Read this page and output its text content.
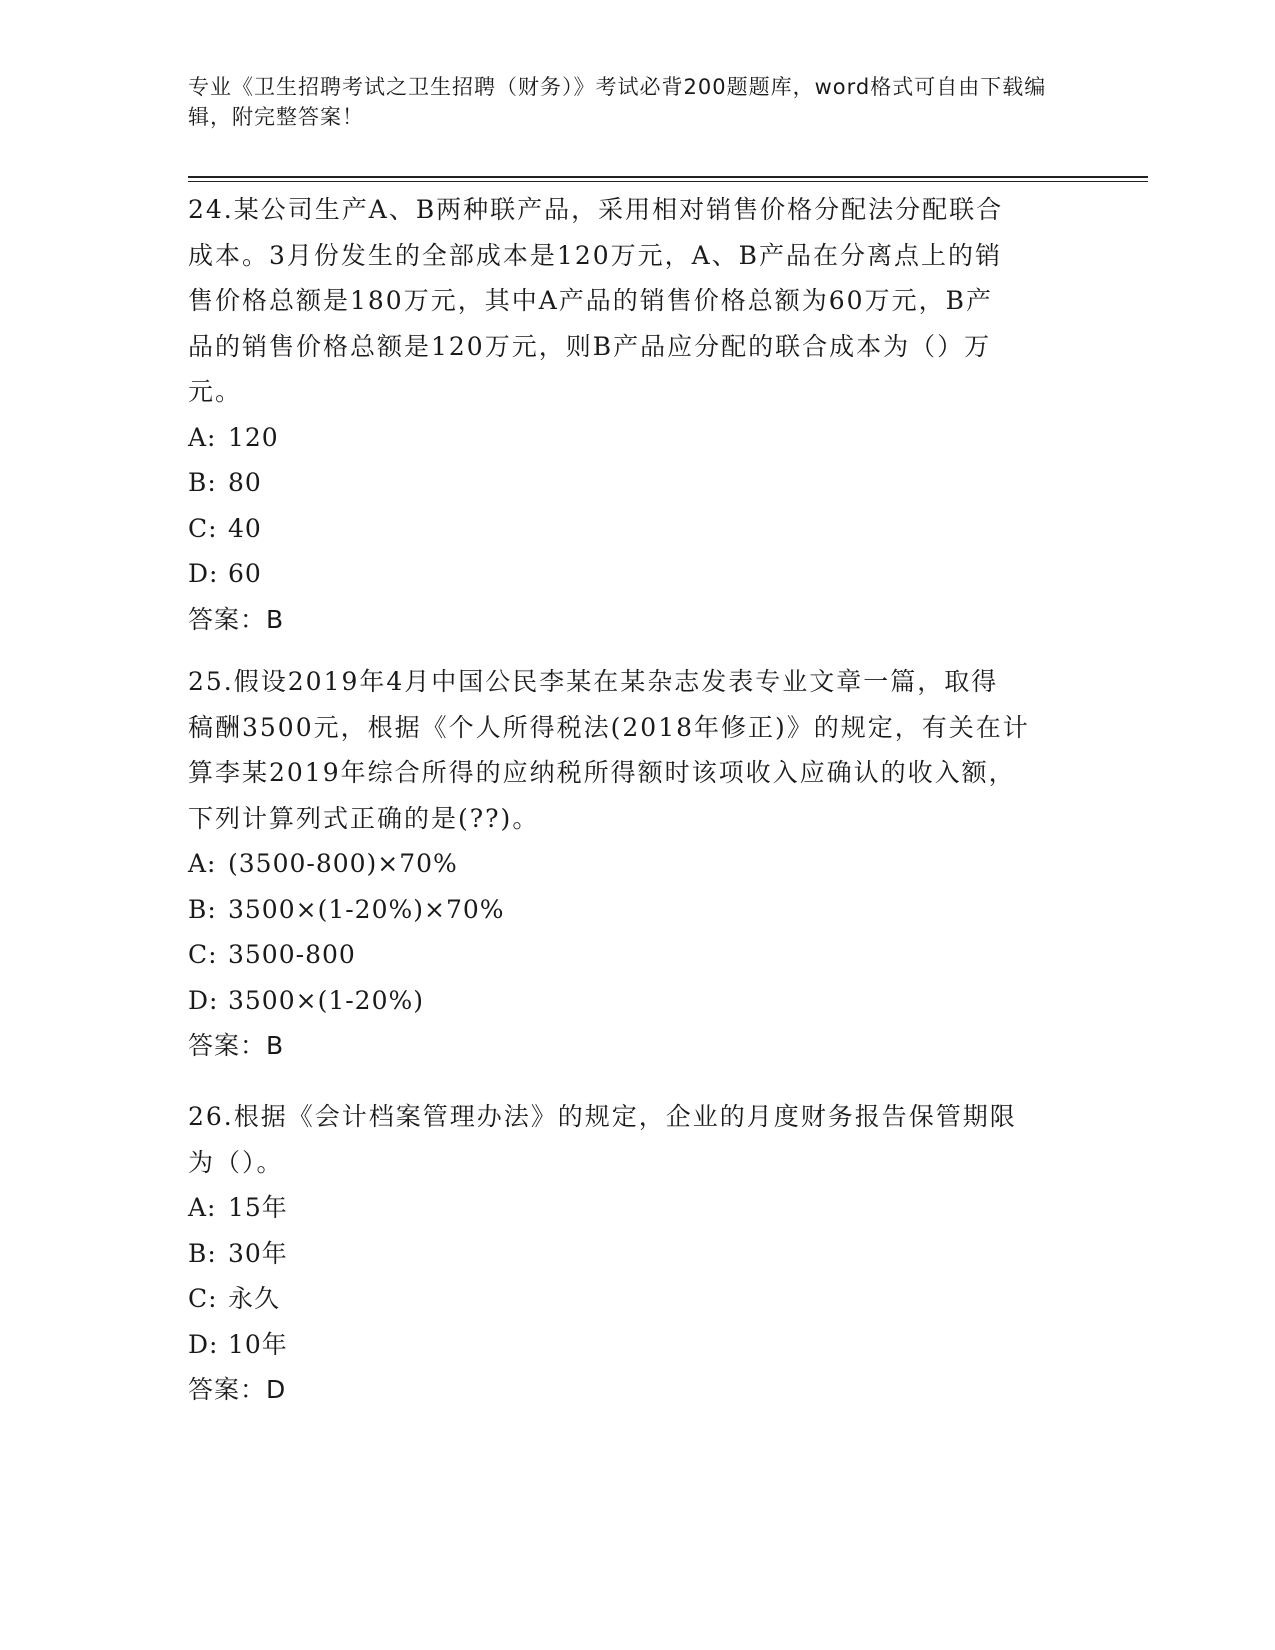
专业《卫生招聘考试之卫生招聘（财务）》考试必背200题题库，word格式可自由下载编辑，附完整答案！
24.某公司生产A、B两种联产品，采用相对销售价格分配法分配联合
成本。3月份发生的全部成本是120万元，A、B产品在分离点上的销
售价格总额是180万元，其中A产品的销售价格总额为60万元，B产
品的销售价格总额是120万元，则B产品应分配的联合成本为（）万
元。
A: 120
B: 80
C: 40
D: 60
答案：B
25.假设2019年4月中国公民李某在某杂志发表专业文章一篇，取得
稿酬3500元，根据《个人所得税法(2018年修正)》的规定，有关在计
算李某2019年综合所得的应纳税所得额时该项收入应确认的收入额，
下列计算列式正确的是(??)。
A: (3500-800)×70%
B: 3500×(1-20%)×70%
C: 3500-800
D: 3500×(1-20%)
答案：B
26.根据《会计档案管理办法》的规定，企业的月度财务报告保管期限
为（）。
A: 15年
B: 30年
C: 永久
D: 10年
答案：D
